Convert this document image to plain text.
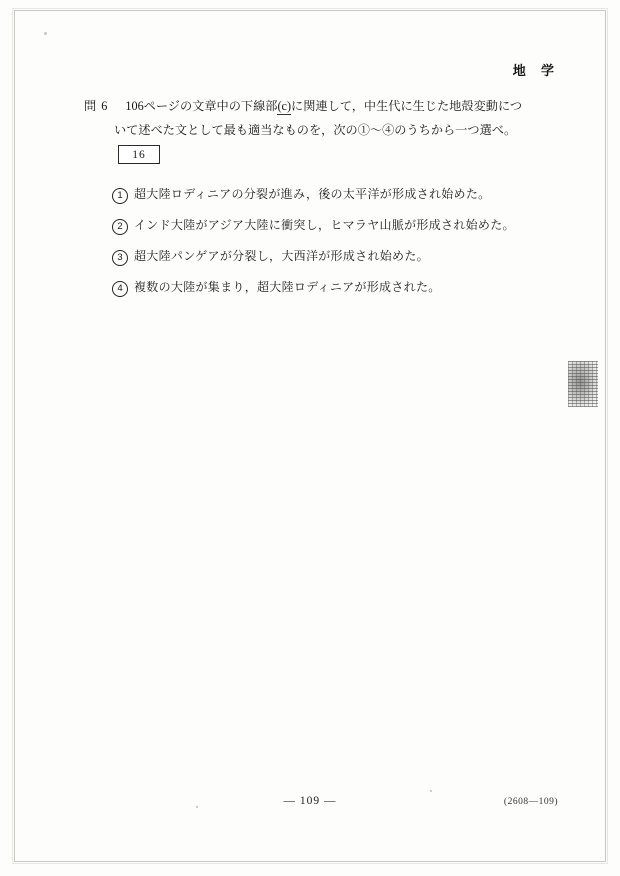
地 学
問 6 106ページの文章中の下線部(c)に関連して，中生代に生じた地殻変動につ
いて述べた文として最も適当なものを，次の①～④のうちから一つ選べ。
16
1 超大陸ロディニアの分裂が進み，後の太平洋が形成され始めた。
2 インド大陸がアジア大陸に衝突し，ヒマラヤ山脈が形成され始めた。
3 超大陸パンゲアが分裂し，大西洋が形成され始めた。
4 複数の大陸が集まり，超大陸ロディニアが形成された。
— 109 —	(2608—109)
